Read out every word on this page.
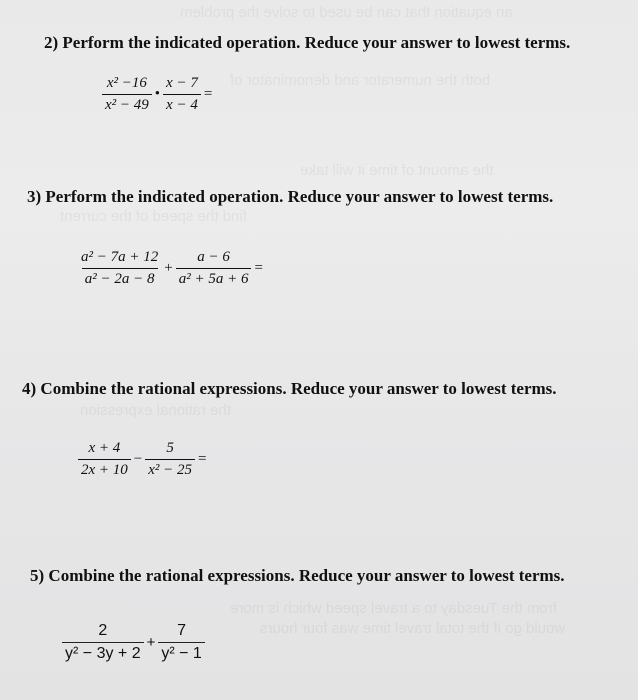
an equation that can be used to solve the problem
both the numerator and denominator of
the amount of time it will take
find the speed of the current
the rational expression
from the Tuesday to a travel speed which is more
would go if the total travel time was four hours
2) Perform the indicated operation. Reduce your answer to lowest terms.
$\frac{\text{x² −16}}{\text{x² − 49}}$ • $\frac{x - 7}{x - 4}$ =
3) Perform the indicated operation. Reduce your answer to lowest terms.
$\frac{\text{a² − 7a + 12}}{\text{a² − 2a − 8}} + \frac{a - 6}{\text{a² + 5a + 6}}$ =
4) Combine the rational expressions. Reduce your answer to lowest terms.
$\frac{x + 4}{2x + 10} - \frac{5}{\text{x² − 25}}$ =
5) Combine the rational expressions. Reduce your answer to lowest terms.
$\frac{2}{\text{y² − 3y + 2}} + \frac{7}{\text{y² − 1}}$
